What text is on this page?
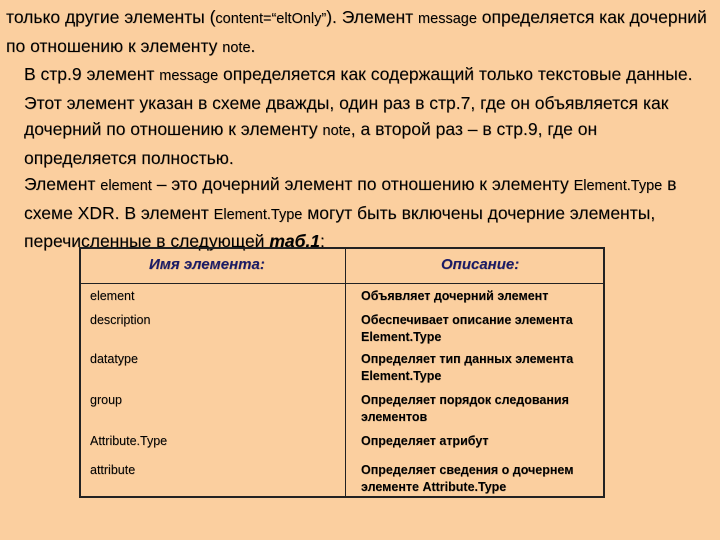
только другие элементы (content=“eltOnly”). Элемент message определяется как дочерний по отношению к элементу note.

В стр.9 элемент message определяется как содержащий только текстовые данные. Этот элемент указан в схеме дважды, один раз в стр.7, где он объявляется как дочерний по отношению к элементу note, а второй раз – в стр.9, где он определяется полностью.

Элемент element – это дочерний элемент по отношению к элементу Element.Type в схеме XDR. В элемент Element.Type могут быть включены дочерние элементы, перечисленные в следующей таб.1:

Имя элемента:	Описание:
element	Объявляет дочерний элемент
description	Обеспечивает описание элемента Element.Type
datatype	Определяет тип данных элемента Element.Type
group	Определяет порядок следования элементов
Attribute.Type	Определяет атрибут
attribute	Определяет сведения о дочернем элементе Attribute.Type
